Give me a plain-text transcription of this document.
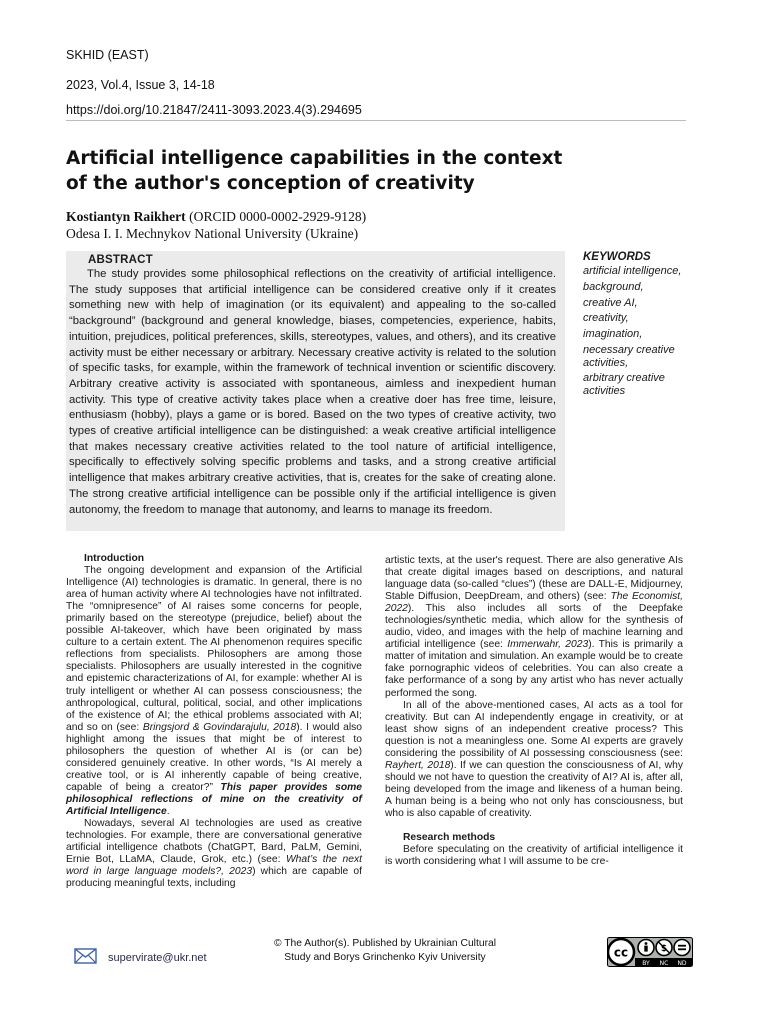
SKHID (EAST)
2023, Vol.4, Issue 3, 14-18
https://doi.org/10.21847/2411-3093.2023.4(3).294695
Artificial intelligence capabilities in the context
of the author's conception of creativity
Kostiantyn Raikhert (ORCID 0000-0002-2929-9128)
Odesa I. I. Mechnykov National University (Ukraine)
ABSTRACT
The study provides some philosophical reflections on the creativity of artificial intelligence. The study supposes that artificial intelligence can be considered creative only if it creates something new with help of imagination (or its equivalent) and appealing to the so-called “background” (background and general knowledge, biases, competencies, experience, habits, intuition, prejudices, political preferences, skills, stereotypes, values, and others), and its creative activity must be either necessary or arbitrary. Necessary creative activity is related to the solution of specific tasks, for example, within the framework of technical invention or scientific discovery. Arbitrary creative activity is associated with spontaneous, aimless and inexpedient human activity. This type of creative activity takes place when a creative doer has free time, leisure, enthusiasm (hobby), plays a game or is bored. Based on the two types of creative activity, two types of creative artificial intelligence can be distinguished: a weak creative artificial intelligence that makes necessary creative activities related to the tool nature of artificial intelligence, specifically to effectively solving specific problems and tasks, and a strong creative artificial intelligence that makes arbitrary creative activities, that is, creates for the sake of creating alone. The strong creative artificial intelligence can be possible only if the artificial intelligence is given autonomy, the freedom to manage that autonomy, and learns to manage its freedom.
KEYWORDS
artificial intelligence,
background,
creative AI,
creativity,
imagination,
necessary creative activities,
arbitrary creative activities
Introduction

The ongoing development and expansion of the Artificial Intelligence (AI) technologies is dramatic. In general, there is no area of human activity where AI technologies have not infiltrated. The “omnipresence” of AI raises some concerns for people, primarily based on the stereotype (prejudice, belief) about the possible AI-takeover, which have been originated by mass culture to a certain extent. The AI phenomenon requires specific reflections from specialists. Philosophers are among those specialists. Philosophers are usually interested in the cognitive and epistemic characterizations of AI, for example: whether AI is truly intelligent or whether AI can possess consciousness; the anthropological, cultural, political, social, and other implications of the existence of AI; the ethical problems associated with AI; and so on (see: Bringsjord & Govindarajulu, 2018). I would also highlight among the issues that might be of interest to philosophers the question of whether AI is (or can be) considered genuinely creative. In other words, “Is AI merely a creative tool, or is AI inherently capable of being creative, capable of being a creator?” This paper provides some philosophical reflections of mine on the creativity of Artificial Intelligence.

Nowadays, several AI technologies are used as creative technologies. For example, there are conversational generative artificial intelligence chatbots (ChatGPT, Bard, PaLM, Gemini, Ernie Bot, LLaMA, Claude, Grok, etc.) (see: What’s the next word in large language models?, 2023) which are capable of producing meaningful texts, including

artistic texts, at the user's request. There are also generative AIs that create digital images based on descriptions, and natural language data (so-called “clues”) (these are DALL-E, Midjourney, Stable Diffusion, DeepDream, and others) (see: The Economist, 2022). This also includes all sorts of the Deepfake technologies/synthetic media, which allow for the synthesis of audio, video, and images with the help of machine learning and artificial intelligence (see: Immerwahr, 2023). This is primarily a matter of imitation and simulation. An example would be to create fake pornographic videos of celebrities. You can also create a fake performance of a song by any artist who has never actually performed the song.

In all of the above-mentioned cases, AI acts as a tool for creativity. But can AI independently engage in creativity, or at least show signs of an independent creative process? This question is not a meaningless one. Some AI experts are gravely considering the possibility of AI possessing consciousness (see: Rayhert, 2018). If we can question the consciousness of AI, why should we not have to question the creativity of AI? AI is, after all, being developed from the image and likeness of a human being. A human being is a being who not only has consciousness, but who is also capable of creativity.

Research methods

Before speculating on the creativity of artificial intelligence it is worth considering what I will assume to be cre-

supervirate@ukr.net
© The Author(s). Published by Ukrainian Cultural
Study and Borys Grinchenko Kyiv University	cc	$
BY NC ND
